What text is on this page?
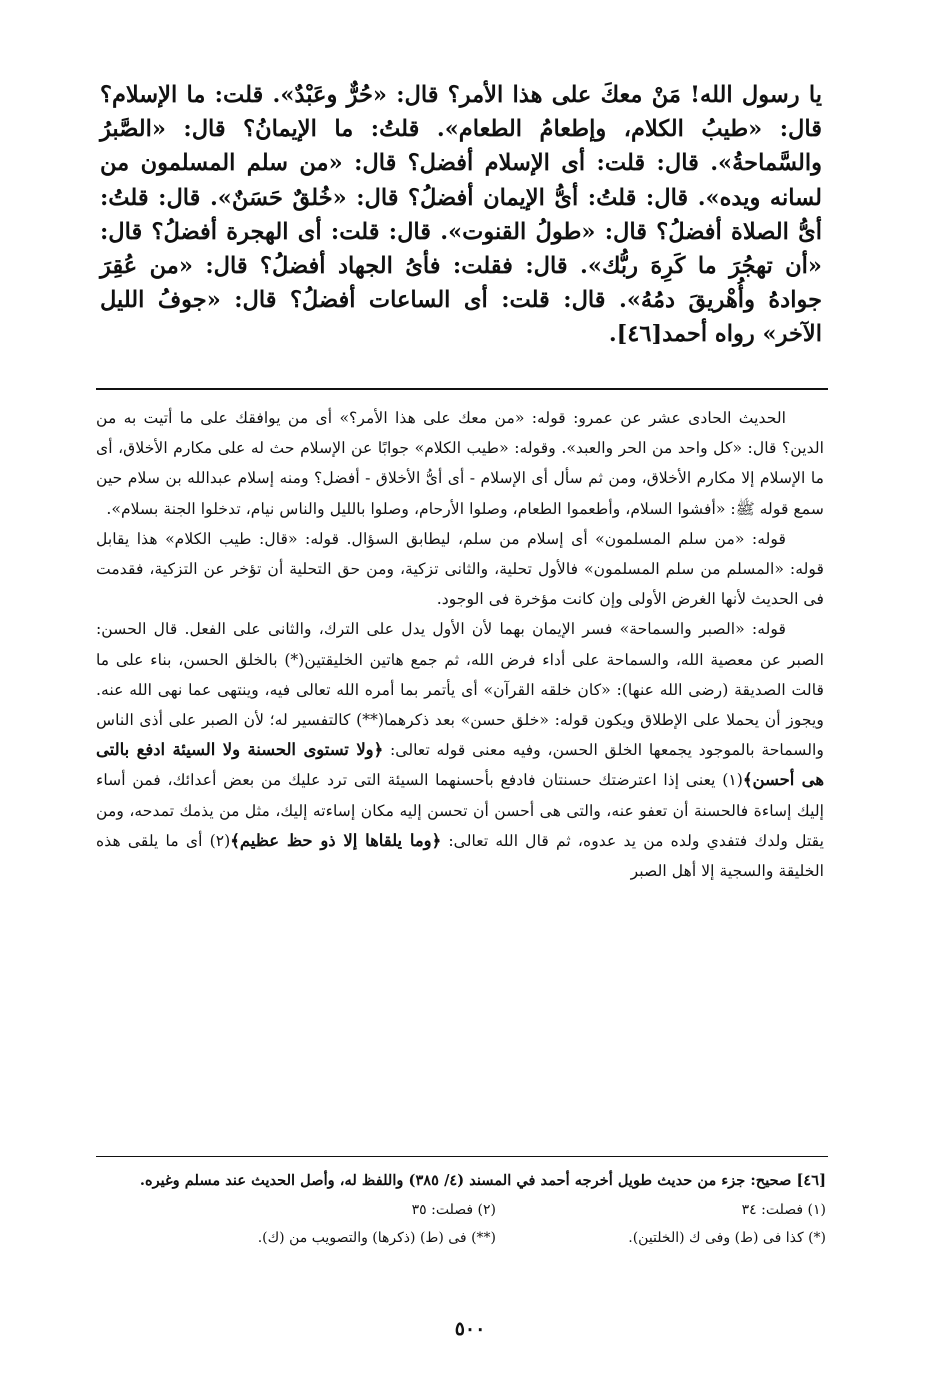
يا رسول الله! مَنْ معكَ على هذا الأمر؟ قال: «حُرٌّ وعَبْدٌ». قلت: ما الإسلام؟ قال: «طيبُ الكلام، وإطعامُ الطعام». قلتُ: ما الإيمانُ؟ قال: «الصَّبرُ والسَّماحةُ». قال: قلت: أى الإسلام أفضل؟ قال: «من سلم المسلمون من لسانه ويده». قال: قلتُ: أىُّ الإيمان أفضلُ؟ قال: «خُلقٌ حَسَنٌ». قال: قلتُ: أىُّ الصلاة أفضلُ؟ قال: «طولُ القنوت». قال: قلت: أى الهجرة أفضلُ؟ قال: «أن تهجُرَ ما كَرِهَ ربُّك». قال: فقلت: فأىُ الجهاد أفضلُ؟ قال: «من عُقِرَ جوادهُ وأُهْريقَ دمُهُ». قال: قلت: أى الساعات أفضلُ؟ قال: «جوفُ الليل الآخر» رواه أحمد[٤٦].

الحديث الحادى عشر عن عمرو: قوله: «من معك على هذا الأمر؟» أى من يوافقك على ما أتيت به من الدين؟ قال: «كل واحد من الحر والعبد». وقوله: «طيب الكلام» جوابًا عن الإسلام حث له على مكارم الأخلاق، أى ما الإسلام إلا مكارم الأخلاق، ومن ثم سأل أى الإسلام - أى أىُّ الأخلاق - أفضل؟ ومنه إسلام عبدالله بن سلام حين سمع قوله ﷺ: «أفشوا السلام، وأطعموا الطعام، وصلوا الأرحام، وصلوا بالليل والناس نيام، تدخلوا الجنة بسلام».

قوله: «من سلم المسلمون» أى إسلام من سلم، ليطابق السؤال. قوله: «قال: طيب الكلام» هذا يقابل قوله: «المسلم من سلم المسلمون» فالأول تحلية، والثانى تزكية، ومن حق التحلية أن تؤخر عن التزكية، فقدمت فى الحديث لأنها الغرض الأولى وإن كانت مؤخرة فى الوجود.

قوله: «الصبر والسماحة» فسر الإيمان بهما لأن الأول يدل على الترك، والثانى على الفعل. قال الحسن: الصبر عن معصية الله، والسماحة على أداء فرض الله، ثم جمع هاتين الخليقتين(*) بالخلق الحسن، بناء على ما قالت الصديقة (رضى الله عنها): «كان خلقه القرآن» أى يأتمر بما أمره الله تعالى فيه، وينتهى عما نهى الله عنه. ويجوز أن يحملا على الإطلاق ويكون قوله: «خلق حسن» بعد ذكرهما(**) كالتفسير له؛ لأن الصبر على أذى الناس والسماحة بالموجود يجمعها الخلق الحسن، وفيه معنى قوله تعالى: ﴿ولا تستوى الحسنة ولا السيئة ادفع بالتى هى أحسن﴾(١) يعنى إذا اعترضتك حسنتان فادفع بأحسنهما السيئة التى ترد عليك من بعض أعدائك، فمن أساء إليك إساءة فالحسنة أن تعفو عنه، والتى هى أحسن أن تحسن إليه مكان إساءته إليك، مثل من يذمك تمدحه، ومن يقتل ولدك فتفدي ولده من يد عدوه، ثم قال الله تعالى: ﴿وما يلقاها إلا ذو حظ عظيم﴾(٢) أى ما يلقى هذه الخليقة والسجية إلا أهل الصبر

[٤٦] صحيح: جزء من حديث طويل أخرجه أحمد في المسند (٤/ ٣٨٥) واللفظ له، وأصل الحديث عند مسلم وغيره.

(١) فصلت: ٣٤
(٢) فصلت: ٣٥
(*) كذا فى (ط) وفى ك (الخلتين).
(**) فى (ط) (ذكرها) والتصويب من (ك).
٥٠٠
